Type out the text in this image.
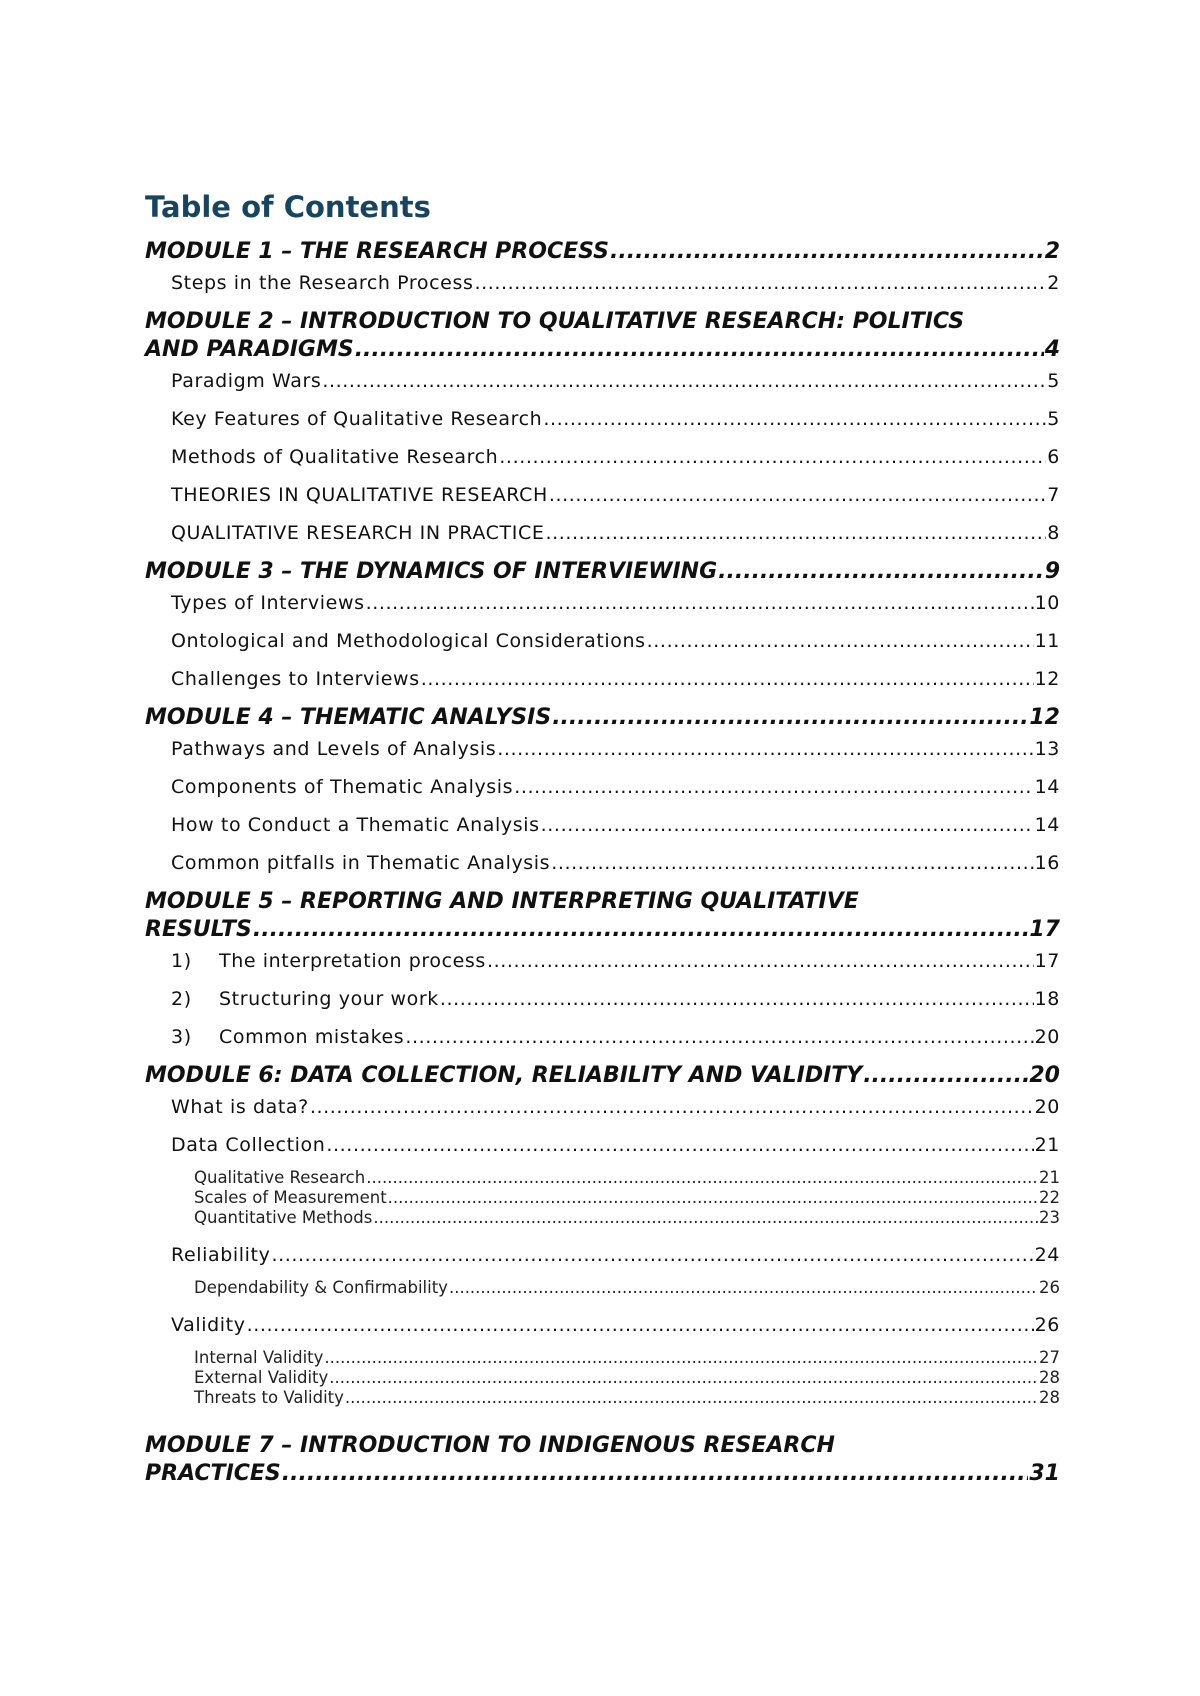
Table of Contents
MODULE 1 – THE RESEARCH PROCESS .....	2
Steps in the Research Process .....	2
MODULE 2 – INTRODUCTION TO QUALITATIVE RESEARCH: POLITICS
AND PARADIGMS .....	4
Paradigm Wars .....	5
Key Features of Qualitative Research .....	5
Methods of Qualitative Research .....	6
THEORIES IN QUALITATIVE RESEARCH .....	7
QUALITATIVE RESEARCH IN PRACTICE .....	8
MODULE 3 – THE DYNAMICS OF INTERVIEWING .....	9
Types of Interviews .....	10
Ontological and Methodological Considerations .....	11
Challenges to Interviews .....	12
MODULE 4 – THEMATIC ANALYSIS .....	12
Pathways and Levels of Analysis .....	13
Components of Thematic Analysis .....	14
How to Conduct a Thematic Analysis .....	14
Common pitfalls in Thematic Analysis .....	16
MODULE 5 – REPORTING AND INTERPRETING QUALITATIVE
RESULTS .....	17
1) The interpretation process .....	17
2) Structuring your work .....	18
3) Common mistakes .....	20
MODULE 6: DATA COLLECTION, RELIABILITY AND VALIDITY .....	20
What is data? .....	20
Data Collection .....	21
Qualitative Research .....	21
Scales of Measurement .....	22
Quantitative Methods .....	23
Reliability .....	24
Dependability & Confirmability .....	26
Validity .....	26
Internal Validity .....	27
External Validity .....	28
Threats to Validity .....	28
MODULE 7 – INTRODUCTION TO INDIGENOUS RESEARCH
PRACTICES .....	31
